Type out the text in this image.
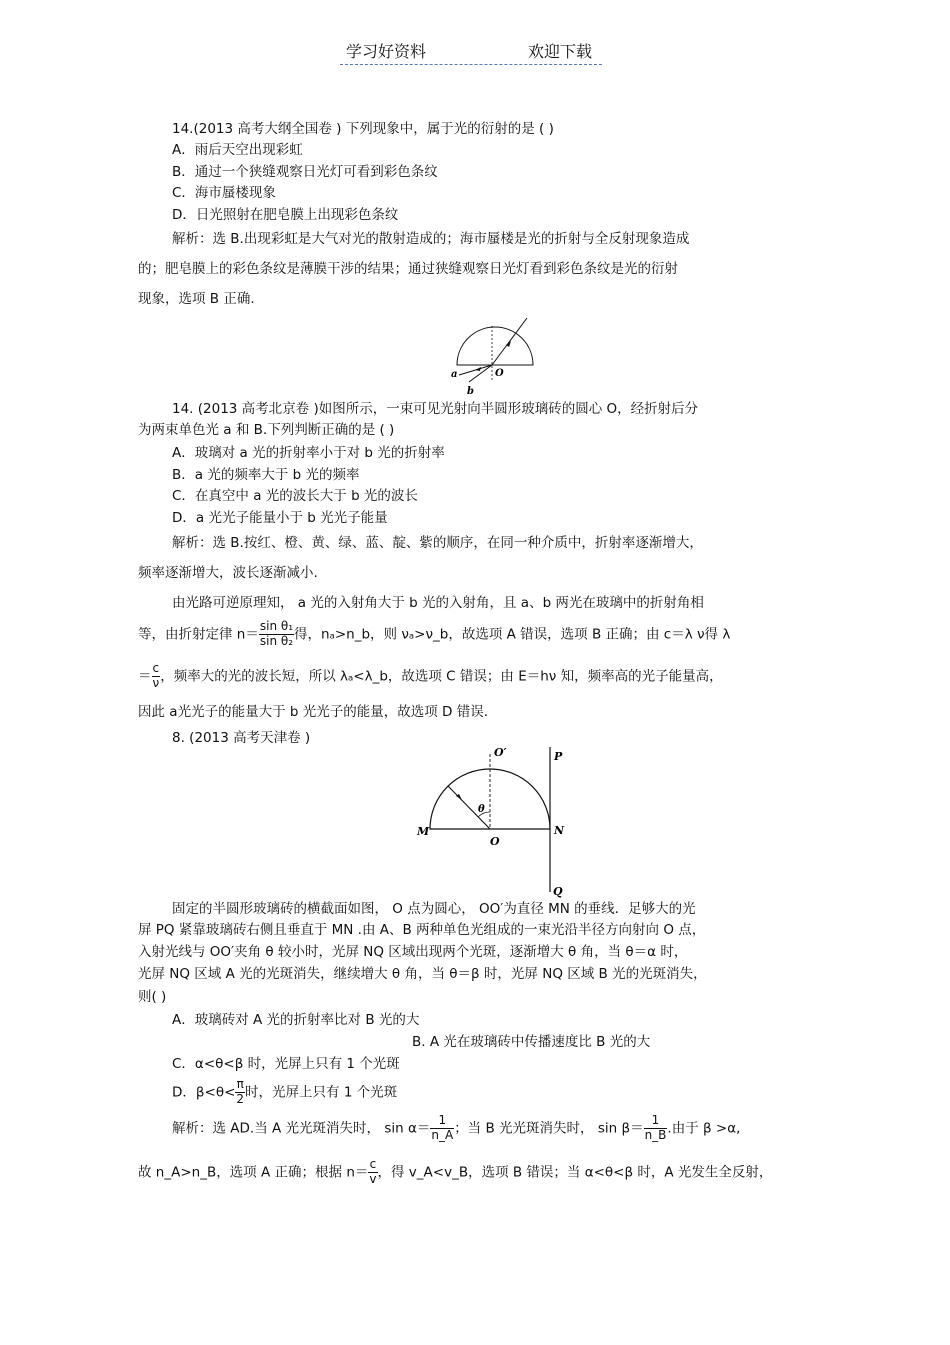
学习好资料	欢迎下载
14.(2013 高考大纲全国卷 ) 下列现象中，属于光的衍射的是 ( )
A．雨后天空出现彩虹
B．通过一个狭缝观察日光灯可看到彩色条纹
C．海市蜃楼现象
D．日光照射在肥皂膜上出现彩色条纹
解析：选 B.出现彩虹是大气对光的散射造成的；海市蜃楼是光的折射与全反射现象造成
的；肥皂膜上的彩色条纹是薄膜干涉的结果；通过狭缝观察日光灯看到彩色条纹是光的衍射
现象，选项 B 正确.
a
b
O
14. (2013 高考北京卷 )如图所示，一束可见光射向半圆形玻璃砖的圆心 O，经折射后分
为两束单色光 a 和 B.下列判断正确的是 ( )
A．玻璃对 a 光的折射率小于对 b 光的折射率
B．a 光的频率大于 b 光的频率
C．在真空中 a 光的波长大于 b 光的波长
D．a 光光子能量小于 b 光光子能量
解析：选 B.按红、橙、黄、绿、蓝、靛、紫的顺序，在同一种介质中，折射率逐渐增大，
频率逐渐增大，波长逐渐减小.
由光路可逆原理知， a 光的入射角大于 b 光的入射角，且 a、b 两光在玻璃中的折射角相
等，由折射定律 $n= \frac{\text{sin θ₁}}{\text{sin θ₂}}$ 得，nₐ>n_b，则 νₐ>ν_b，故选项 A 错误，选项 B 正确；由 c＝λ ν得 λ
＝ $\frac{c}{\nu}$ ，频率大的光的波长短，所以 λₐ<λ_b，故选项 C 错误；由 E＝hν 知，频率高的光子能量高，
因此 a光光子的能量大于 b 光光子的能量，故选项 D 错误.
8. (2013 高考天津卷 )
O′	P
θ
M	N
O
Q
固定的半圆形玻璃砖的横截面如图， O 点为圆心， OO′为直径 MN 的垂线．足够大的光
屏 PQ 紧靠玻璃砖右侧且垂直于 MN .由 A、B 两种单色光组成的一束光沿半径方向射向 O 点，
入射光线与 OO′夹角 θ 较小时，光屏 NQ 区域出现两个光斑，逐渐增大 θ 角，当 θ＝α 时，
光屏 NQ 区域 A 光的光斑消失，继续增大 θ 角，当 θ＝β 时，光屏 NQ 区域 B 光的光斑消失，
则( )
A．玻璃砖对 A 光的折射率比对 B 光的大
B. A 光在玻璃砖中传播速度比 B 光的大
C．α<θ<β 时，光屏上只有 1 个光斑
D．$\beta<\theta< \frac{\pi}{2}$ 时，光屏上只有 1 个光斑
解析：选 AD.当 A 光光斑消失时， $\sin \alpha= \frac{1}{n\_A}$ ；当 B 光光斑消失时， $\sin \beta= \frac{1}{n\_B}$ .由于 β >α,
故 n_A>n_B，选项 A 正确；根据 $n= \frac{c}{v}$ ，得 v_A<v_B，选项 B 错误；当 α<θ<β 时，A 光发生全反射，
